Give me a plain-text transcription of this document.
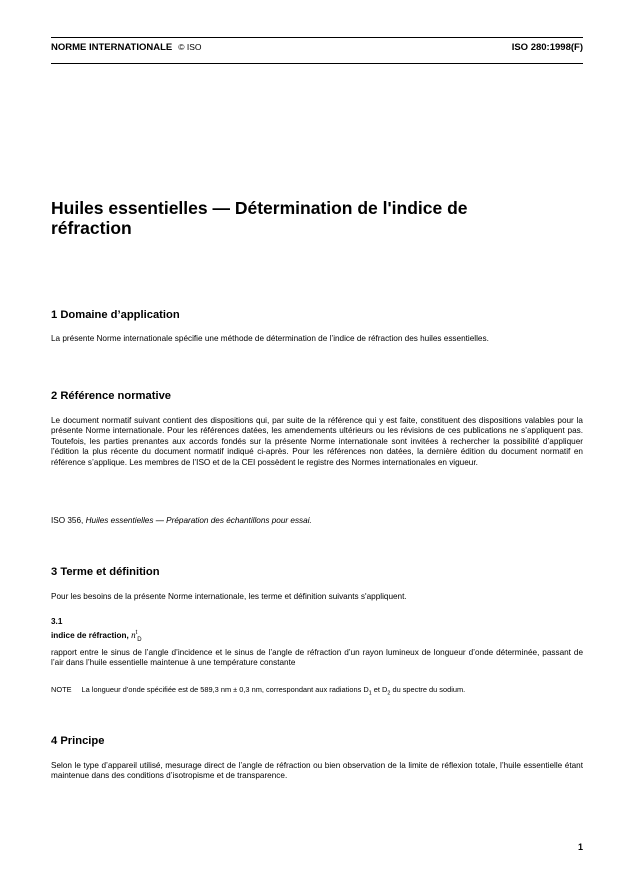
NORME INTERNATIONALE © ISO	ISO 280:1998(F)
Huiles essentielles — Détermination de l'indice de réfraction
1 Domaine d’application
La présente Norme internationale spécifie une méthode de détermination de l’indice de réfraction des huiles essentielles.
2 Référence normative
Le document normatif suivant contient des dispositions qui, par suite de la référence qui y est faite, constituent des dispositions valables pour la présente Norme internationale. Pour les références datées, les amendements ultérieurs ou les révisions de ces publications ne s’appliquent pas. Toutefois, les parties prenantes aux accords fondés sur la présente Norme internationale sont invitées à rechercher la possibilité d’appliquer l’édition la plus récente du document normatif indiqué ci-après. Pour les références non datées, la dernière édition du document normatif en référence s’applique. Les membres de l’ISO et de la CEI possèdent le registre des Normes internationales en vigueur.
ISO 356, Huiles essentielles — Préparation des échantillons pour essai.
3 Terme et définition
Pour les besoins de la présente Norme internationale, les terme et définition suivants s'appliquent.
3.1
indice de réfraction, $n^t_D$
rapport entre le sinus de l’angle d’incidence et le sinus de l’angle de réfraction d’un rayon lumineux de longueur d’onde déterminée, passant de l’air dans l’huile essentielle maintenue à une température constante
NOTE La longueur d’onde spécifiée est de 589,3 nm ± 0,3 nm, correspondant aux radiations $D_1$ et $D_2$ du spectre du sodium.
4 Principe
Selon le type d’appareil utilisé, mesurage direct de l’angle de réfraction ou bien observation de la limite de réflexion totale, l’huile essentielle étant maintenue dans des conditions d’isotropisme et de transparence.
1
